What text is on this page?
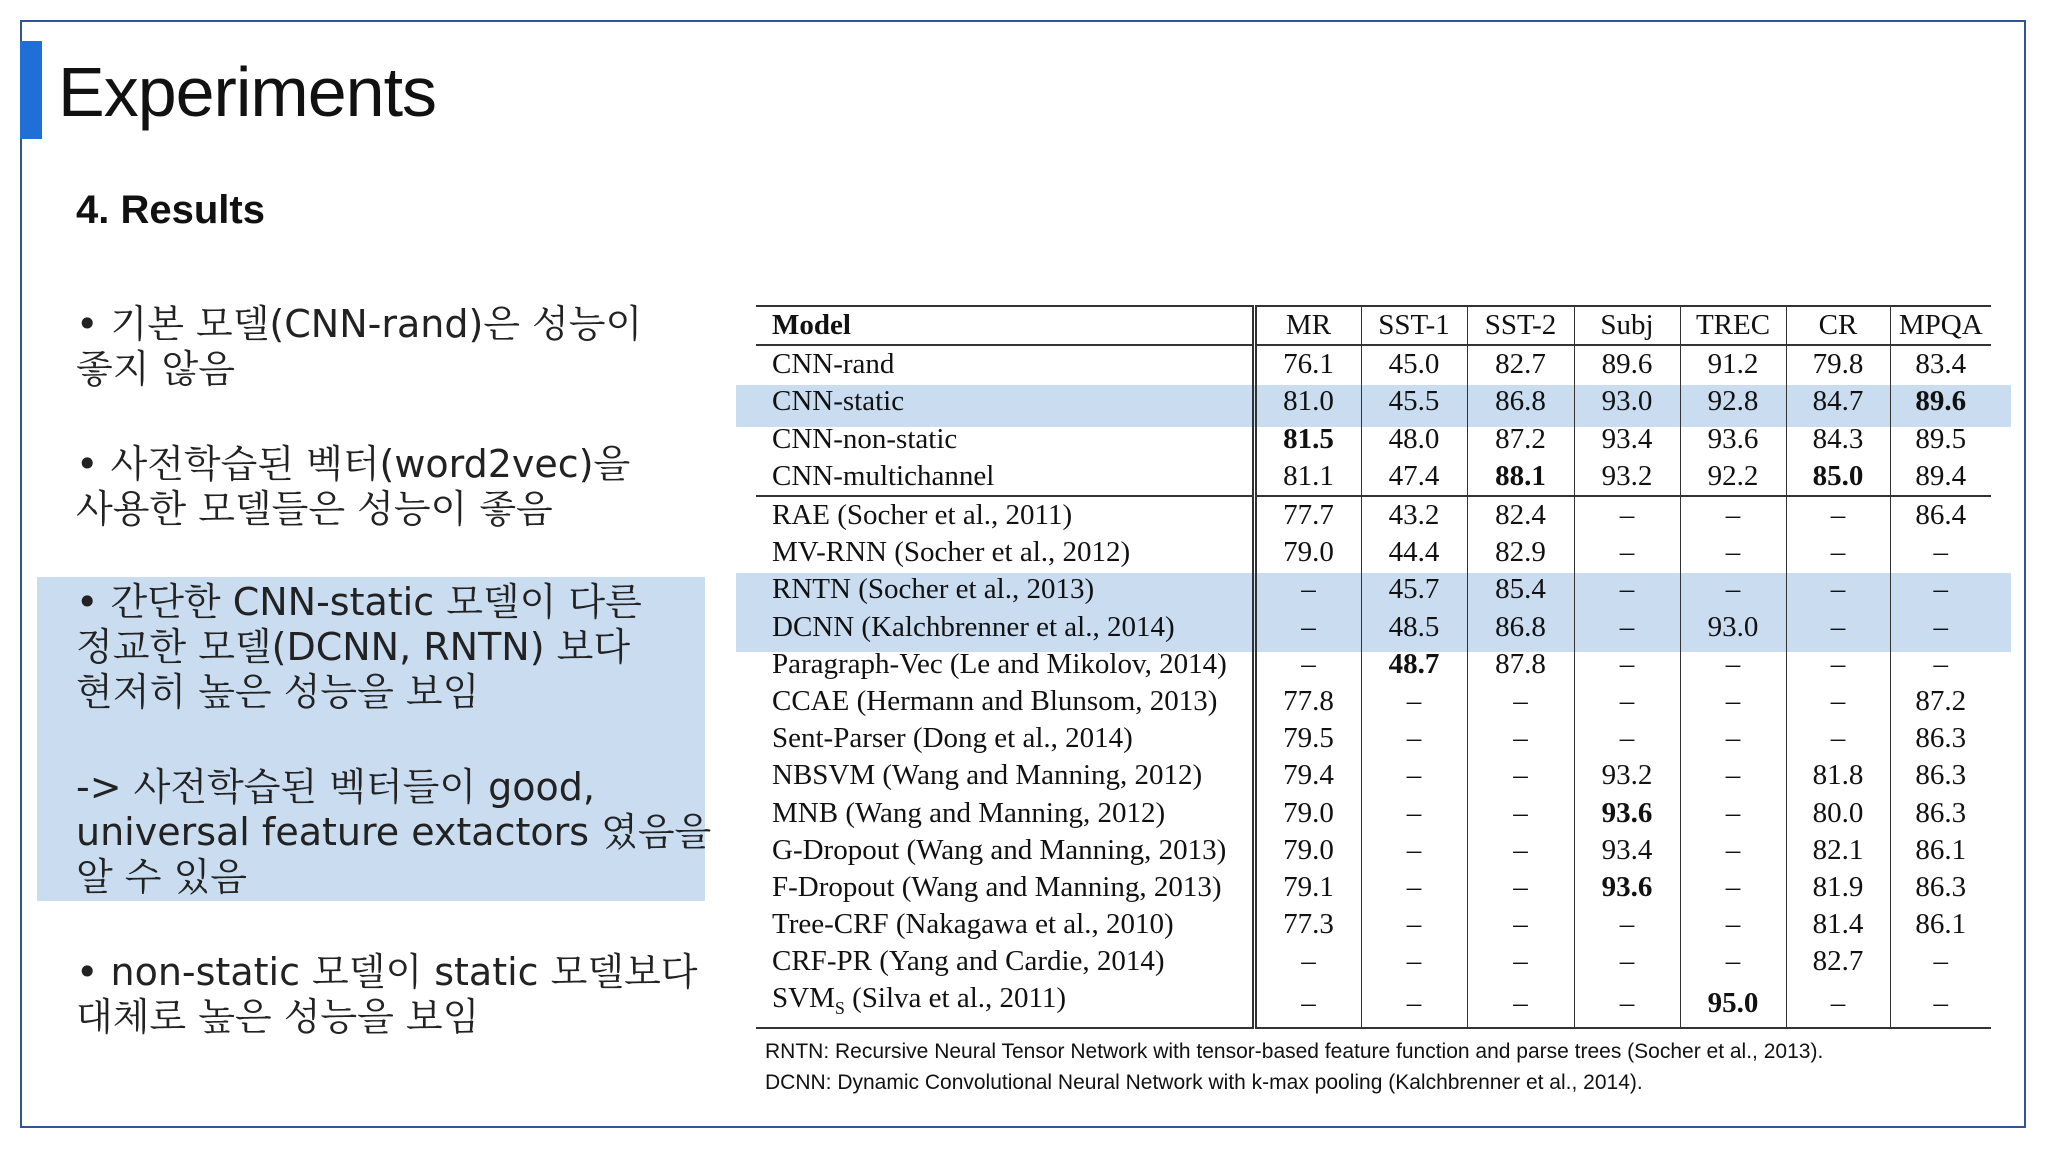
Experiments
4. Results
• 기본 모델(CNN-rand)은 성능이
좋지 않음
• 사전학습된 벡터(word2vec)을
사용한 모델들은 성능이 좋음
• 간단한 CNN-static 모델이 다른
정교한 모델(DCNN, RNTN) 보다
현저히 높은 성능을 보임
-> 사전학습된 벡터들이 good,
universal feature extactors 였음을
알 수 있음
• non-static 모델이 static 모델보다
대체로 높은 성능을 보임
Model	MR	SST-1	SST-2	Subj	TREC	CR	MPQA
CNN-rand	76.1	45.0	82.7	89.6	91.2	79.8	83.4
CNN-static	81.0	45.5	86.8	93.0	92.8	84.7	89.6
CNN-non-static	81.5	48.0	87.2	93.4	93.6	84.3	89.5
CNN-multichannel	81.1	47.4	88.1	93.2	92.2	85.0	89.4
RAE (Socher et al., 2011)	77.7	43.2	82.4	–	–	–	86.4
MV-RNN (Socher et al., 2012)	79.0	44.4	82.9	–	–	–	–
RNTN (Socher et al., 2013)	–	45.7	85.4	–	–	–	–
DCNN (Kalchbrenner et al., 2014)	–	48.5	86.8	–	93.0	–	–
Paragraph-Vec (Le and Mikolov, 2014)	–	48.7	87.8	–	–	–	–
CCAE (Hermann and Blunsom, 2013)	77.8	–	–	–	–	–	87.2
Sent-Parser (Dong et al., 2014)	79.5	–	–	–	–	–	86.3
NBSVM (Wang and Manning, 2012)	79.4	–	–	93.2	–	81.8	86.3
MNB (Wang and Manning, 2012)	79.0	–	–	93.6	–	80.0	86.3
G-Dropout (Wang and Manning, 2013)	79.0	–	–	93.4	–	82.1	86.1
F-Dropout (Wang and Manning, 2013)	79.1	–	–	93.6	–	81.9	86.3
Tree-CRF (Nakagawa et al., 2010)	77.3	–	–	–	–	81.4	86.1
CRF-PR (Yang and Cardie, 2014)	–	–	–	–	–	82.7	–
$SVM_S$ (Silva et al., 2011)	–	–	–	–	95.0	–	–
RNTN: Recursive Neural Tensor Network with tensor-based feature function and parse trees (Socher et al., 2013).
DCNN: Dynamic Convolutional Neural Network with k-max pooling (Kalchbrenner et al., 2014).
